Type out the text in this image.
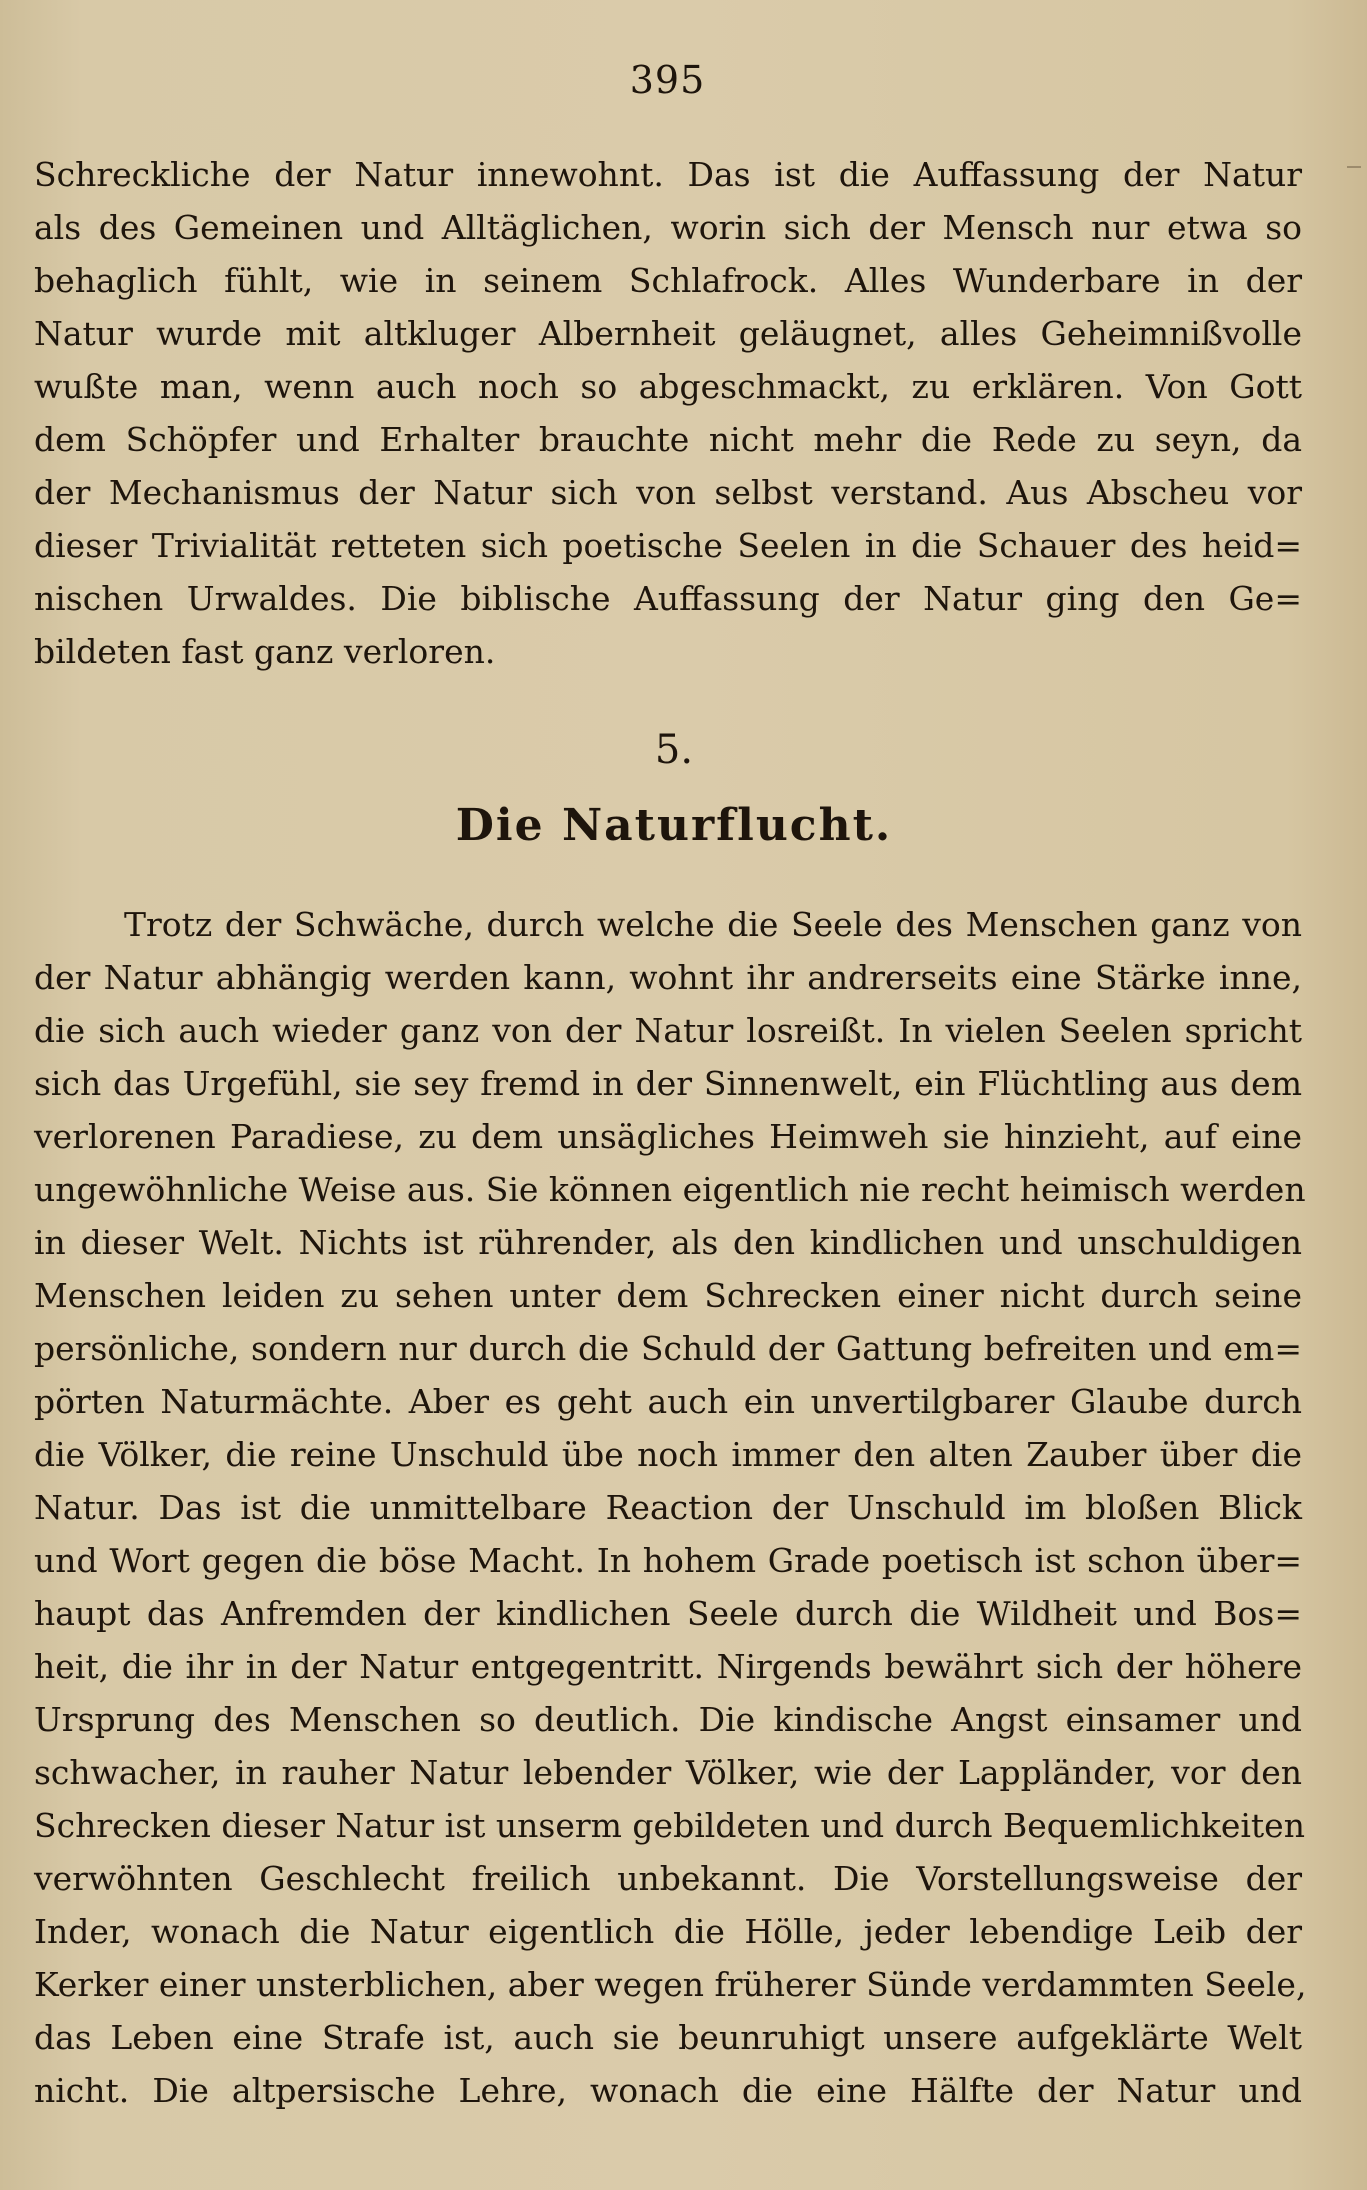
395
Schreckliche der Natur innewohnt. Das ist die Auffassung der Natur
als des Gemeinen und Alltäglichen, worin sich der Mensch nur etwa so
behaglich fühlt, wie in seinem Schlafrock. Alles Wunderbare in der
Natur wurde mit altkluger Albernheit geläugnet, alles Geheimnißvolle
wußte man, wenn auch noch so abgeschmackt, zu erklären. Von Gott
dem Schöpfer und Erhalter brauchte nicht mehr die Rede zu seyn, da
der Mechanismus der Natur sich von selbst verstand. Aus Abscheu vor
dieser Trivialität retteten sich poetische Seelen in die Schauer des heid=
nischen Urwaldes. Die biblische Auffassung der Natur ging den Ge=
bildeten fast ganz verloren.
5.
Die Naturflucht.
Trotz der Schwäche, durch welche die Seele des Menschen ganz von
der Natur abhängig werden kann, wohnt ihr andrerseits eine Stärke inne,
die sich auch wieder ganz von der Natur losreißt. In vielen Seelen spricht
sich das Urgefühl, sie sey fremd in der Sinnenwelt, ein Flüchtling aus dem
verlorenen Paradiese, zu dem unsägliches Heimweh sie hinzieht, auf eine
ungewöhnliche Weise aus. Sie können eigentlich nie recht heimisch werden
in dieser Welt. Nichts ist rührender, als den kindlichen und unschuldigen
Menschen leiden zu sehen unter dem Schrecken einer nicht durch seine
persönliche, sondern nur durch die Schuld der Gattung befreiten und em=
pörten Naturmächte. Aber es geht auch ein unvertilgbarer Glaube durch
die Völker, die reine Unschuld übe noch immer den alten Zauber über die
Natur. Das ist die unmittelbare Reaction der Unschuld im bloßen Blick
und Wort gegen die böse Macht. In hohem Grade poetisch ist schon über=
haupt das Anfremden der kindlichen Seele durch die Wildheit und Bos=
heit, die ihr in der Natur entgegentritt. Nirgends bewährt sich der höhere
Ursprung des Menschen so deutlich. Die kindische Angst einsamer und
schwacher, in rauher Natur lebender Völker, wie der Lappländer, vor den
Schrecken dieser Natur ist unserm gebildeten und durch Bequemlichkeiten
verwöhnten Geschlecht freilich unbekannt. Die Vorstellungsweise der
Inder, wonach die Natur eigentlich die Hölle, jeder lebendige Leib der
Kerker einer unsterblichen, aber wegen früherer Sünde verdammten Seele,
das Leben eine Strafe ist, auch sie beunruhigt unsere aufgeklärte Welt
nicht. Die altpersische Lehre, wonach die eine Hälfte der Natur und
